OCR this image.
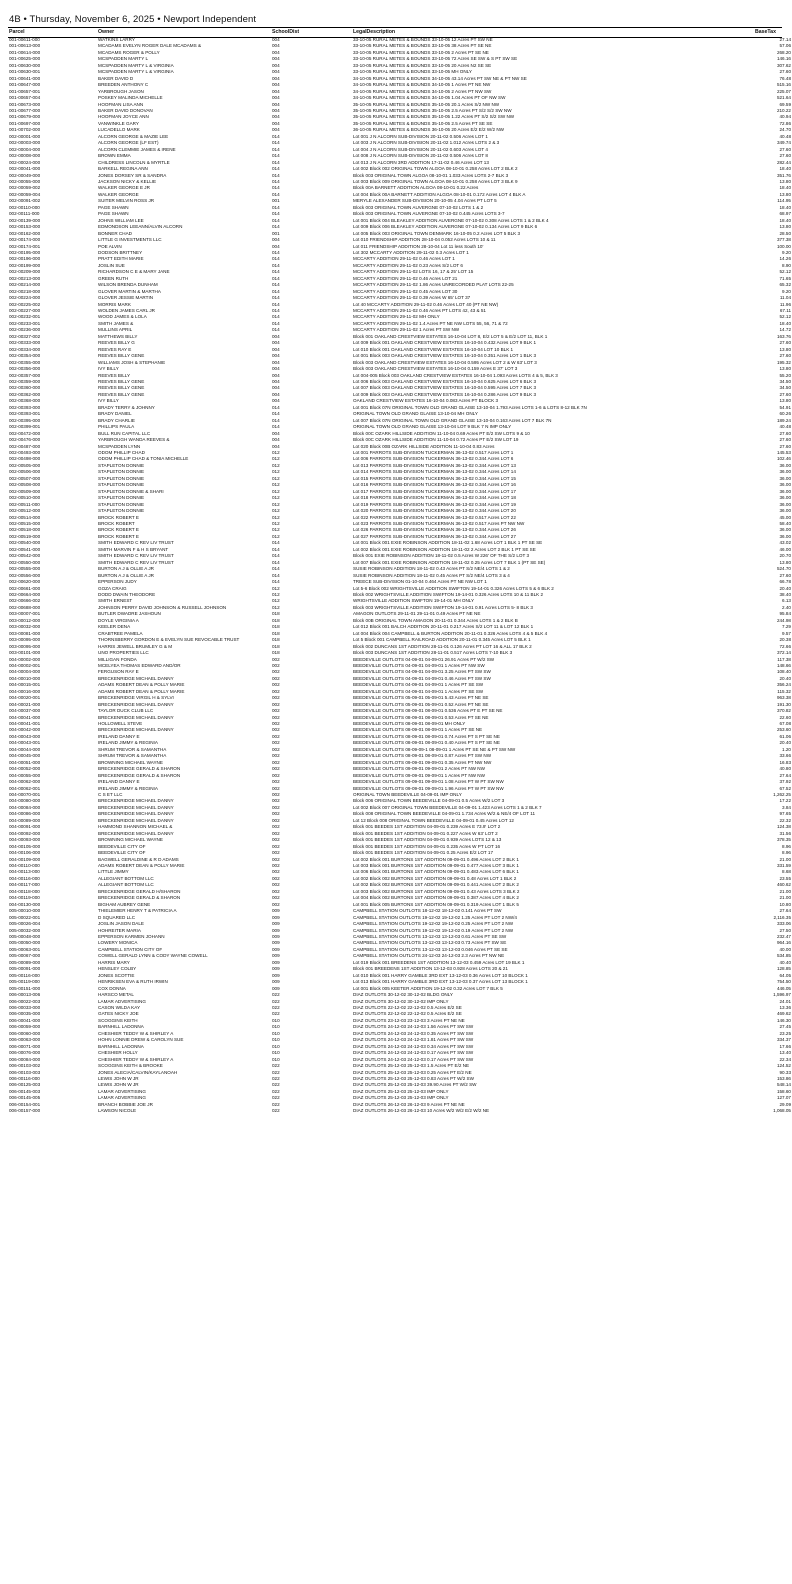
4B • Thursday, November 6, 2025 • Newport Independent
Parcel	Owner	SchoolDist	LegalDescription	BaseTax
001-00611-000	WATKINS LARRY	004	33-10-05 RURAL METES & BOUNDS 33-10-05 12 Acres PT SW NE	27.14
001-00613-000	MCADAMS EVELYN ROGER DALE MCADAMS &	004	33-10-05 RURAL METES & BOUNDS 33-10-05 38 Acres PT SE NE	57.06
001-00614-000	MCADAMS ROGER & POLLY	004	33-10-05 RURAL METES & BOUNDS 33-10-05 2 Acres PT SE NE	268.20
001-00625-000	MCSPADDEN MARTY L	004	33-10-05 RURAL METES & BOUNDS 33-10-05 72 Acres SE SW & S PT SW SE	146.16
001-00630-000	MCSPADDEN MARTY L & VIRGINIA	004	33-10-05 RURAL METES & BOUNDS 33-10-05 20 Acres N2 SE SE	307.62
001-00630-001	MCSPADDEN MARTY L & VIRGINIA	004	33-10-05 RURAL METES & BOUNDS 33-10-05 MH ONLY	27.60
001-00641-000	BAKER DAVID D	004	34-10-05 RURAL METES & BOUNDS 34-10-05 43.14 Acres PT SW NE & PT NW SE	76.48
001-00647-000	BREEDEN ANTHONY C	004	34-10-05 RURAL METES & BOUNDS 34-10-05 1 Acres PT NE NW	515.16
001-00657-001	YARBROUGH JASON	004	34-10-05 RURAL METES & BOUNDS 34-10-05 2 Acres PT NW SW	225.07
001-00657-004	POSKEY MALINDA MICHELLE	004	34-10-05 RURAL METES & BOUNDS 34-10-05 1.04 Acres PT OF NW SW	521.64
001-00673-000	HOOFMAN LISA ANN	004	35-10-05 RURAL METES & BOUNDS 35-10-05 20.1 Acres S/2 NW NW	69.59
001-00677-000	BAKER DAVID DONOVAN	004	35-10-05 RURAL METES & BOUNDS 35-10-05 2.5 Acres PT S/2 S/2 SW NW	210.22
001-00679-000	HOOFMAN JOYCE ANN	004	35-10-05 RURAL METES & BOUNDS 35-10-05 1.22 Acres PT S/2 S/2 SW NW	40.94
001-00697-000	VANWINKLE GARY	004	35-10-05 RURAL METES & BOUNDS 35-10-05 2.5 Acres PT SE SE	72.86
001-00702-000	LUCADELLO MARK	004	36-10-05 RURAL METES & BOUNDS 36-10-05 20 Acres E/2 E/2 W/2 NW	24.70
002-00001-000	ALCORN GEORGE & MAZIE LEE	014	Lot 001 J N ALCORN SUB-DIVISION 20-11-02 0.506 Acres LOT 1	40.48
002-00003-000	ALCORN GEORGE (LF EST)	014	Lot 003 J N ALCORN SUB-DIVISION 20-11-02 1.012 Acres LOTS 2 & 3	349.74
002-00004-000	ALCORN CLEMMIE JAMES & IRENE	014	Lot 004 J N ALCORN SUB-DIVISION 20-11-02 0.603 Acres LOT 4	27.60
002-00008-000	BROWN EMMA	014	Lot 008 J N ALCORN SUB-DIVISION 20-11-02 0.506 Acres LOT 8	27.60
002-00024-000	CHILDRESS LINCOLN & MYRTLE	014	Lot 013 J N ALCORN 3RD ADDITION 17-11-02 0.46 Acres LOT 13	282.44
002-00041-000	BARKELL REGINA ANN	014	Lot 002 Block 002 ORIGINAL TOWN ALGOA 08-10-01 0.258 Acres LOT 2 BLK 2	18.40
002-00049-000	JONES DORSEY SR & SANDRA	014	Block 003 ORIGINAL TOWN ALGOA 08-10-01 1.033 Acres LOTS 2-7 BLK 3	351.76
002-00055-000	JACKSON NICKY & KELLIE	014	Lot 003 Block 009 ORIGINAL TOWN ALGOA 08-10-01 0.258 Acres LOT 3 BLK 9	13.80
002-00059-002	WALKER GEORGE E JR	014	Block 00A BARNETT ADDITION ALGOA 08-10-01 0.22 Acres	18.40
002-00059-004	WALKER GEORGE	014	Lot 004 Block 00A BARNETT ADDITION ALGOA 08-10-01 0.172 Acres LOT 4 BLK A	13.80
002-00091-002	SUITER MELVIN ROSS JR	001	MERYLE ALEXANDER SUB-DIVISION 20-10-05 4.04 Acres PT LOT 5	114.95
002-00110-000	PAGE SHAWN	014	Block 003 ORIGINAL TOWN AUVERGNE 07-10-02 LOTS 1 & 2	18.40
002-00111-000	PAGE SHAWN	014	Block 003 ORIGINAL TOWN AUVERGNE 07-10-02 0.445 Acres LOTS 3-7	68.97
002-00139-000	JOHNS WILLIAM LEE	014	Lot 001 Block 004 BLEAKLEY ADDITION AUVERGNE 07-10-02 0.308 Acres LOTS 1 & 2 BLK 4	18.40
002-00153-000	EDMONDSON LEEANN/ALVIN ALCORN	014	Lot 009 Block 006 BLEAKLEY ADDITION AUVERGNE 07-10-02 0.134 Acres LOT 9 BLK 6	13.80
002-00162-000	BONNER CHAD	001	Lot 005 Block 003 ORIGINAL TOWN DENMARK 16-10-05 0.2 Acres LOT 5 BLK 3	28.50
002-00174-000	LITTLE G INVESTMENTS LLC	004	Lot 010 FRIENDSHIP ADDITION 28-10-04 0.052 Acres LOTS 10 & 11	377.38
002-00174-001	POE ALVIN	004	Lot 011 FRIENDSHIP ADDITION 28-10-04 Lot 11 less South 10'	100.00
002-00195-000	DODSON BRITTNEY	014	Lot 302 MCCARTY ADDITION 29-11-02 0.3 Acres LOT 1	9.20
002-00196-000	PRATT EDITH MARIE	014	MCCARTY ADDITION 29-11-02 0.46 Acres LOT 1	14.26
002-00199-000	JOSLIN SUE	014	MCCARTY ADDITION 29-11-02 0.23 Acres S/2 LOT 6	8.90
002-00209-000	RICHARDSON C E & MARY JANE	014	MCCARTY ADDITION 29-11-02 LOTS 16, 17 & 25' LOT 15	52.12
002-00213-000	GREEN RUTH	014	MCCARTY ADDITION 29-11-02 0.46 Acres LOT 21	71.65
002-00214-000	WILSON BRENDA DUNHAM	014	MCCARTY ADDITION 29-11-02 1.86 Acres UNRECORDED PLAT LOTS 22-25	65.32
002-00218-000	GLOVER MARTIN & MARTHA	014	MCCARTY ADDITION 29-11-02 0.45 Acres LOT 30	9.20
002-00224-000	GLOVER JESSIE MARTIN	014	MCCARTY ADDITION 29-11-02 0.39 Acres W 65' LOT 37	11.04
002-00225-002	MORRIS MARK	014	Lot 40 MCCARTY ADDITION 29-11-02 0.46 Acres LOT 40 (PT NE NW)	11.96
002-00227-000	WOLDEN JAMES CARL JR	014	MCCARTY ADDITION 29-11-02 0.46 Acres PT LOTS 42, 43 & 51	67.11
002-00232-001	WOOD JAMES & LOLA	014	MCCARTY ADDITION 29-11-02 MH ONLY	52.12
002-00233-001	SMITH JAMES &	014	MCCARTY ADDITION 29-11-02 1.4 Acres PT NE NW LOTS 55, 56, 71 & 72	18.40
002-00236-000	MULLINS APRIL	014	MCCARTY ADDITION 29-11-02 1 Acres PT SW NW	14.72
002-00327-002	MATTHEWS BILLY	004	Block 001 OAKLAND CRESTVIEW ESTATES 16-10-04 LOT 8, E/2 LOT 5 & E/2 LOT 11, BLK 1	163.76
002-00333-000	REEVES BILLY G	004	Lot 009 Block 001 OAKLAND CRESTVIEW ESTATES 16-10-04 0.432 Acres LOT 9 BLK 1	27.60
002-00334-000	REEVES RAY E	004	Lot 010 Block 001 OAKLAND CRESTVIEW ESTATES 16-10-04 LOT 10 BLK 1	13.80
002-00354-000	REEVES BILLY GENE	004	Lot 001 Block 003 OAKLAND CRESTVIEW ESTATES 16-10-04 0.351 Acres LOT 1 BLK 3	27.60
002-00355-000	WILLIAMS JOSH & STEPHANIE	004	Block 003 OAKLAND CRESTVIEW ESTATES 16-10-04 0.595 Acres LOT 2 & W 63' LOT 3	195.32
002-00356-000	IVY BILLY	004	Block 003 OAKLAND CRESTVIEW ESTATES 16-10-04 0.159 Acres E 37' LOT 3	13.80
002-00357-000	REEVES BILLY	004	Lot 004-005 Block 003 OAKLAND CRESTVIEW ESTATES 16-10-04 1.093 Acres LOTS 4 & 5, BLK 3	55.20
002-00359-000	REEVES BILLY GENE	004	Lot 006 Block 003 OAKLAND CRESTVIEW ESTATES 16-10-04 0.625 Acres LOT 6 BLK 3	34.50
002-00360-000	REEVES BILLY GENE	004	Lot 007 Block 003 OAKLAND CRESTVIEW ESTATES 16-10-04 0.595 Acres LOT 7 BLK 3	34.50
002-00362-000	REEVES BILLY GENE	004	Lot 009 Block 003 OAKLAND CRESTVIEW ESTATES 16-10-04 0.286 Acres LOT 9 BLK 3	27.60
002-00368-000	IVY BILLY	004	OAKLAND CRESTVIEW ESTATES 16-10-04 0.083 Acres PT BLOCK 3	13.80
002-00393-000	BRADY TERRY & JOHNNY	014	Lot 001 Block 07N ORIGINAL TOWN OLD GRAND GLAISE 13-10-04 1.793 Acres LOTS 1-6 & LOTS 8-12 BLK 7N	54.91
002-00393-001	BRADY DANIEL	014	ORIGINAL TOWN OLD GRAND GLAISE 13-10-04 MH ONLY	60.26
002-00395-000	BRADY CHARLIE	014	Lot 007 Block 07N ORIGINAL TOWN OLD GRAND GLAISE 13-10-04 0.163 Acres LOT 7 BLK 7N	189.24
002-00399-001	PHILLIPS PAULA	014	ORIGINAL TOWN OLD GRAND GLAISE 13-10-04 LOT 9 BLK 7 N IMP ONLY	40.48
002-00472-000	BULL RUN CAPITAL LLC	004	Block 00C OZARK HILLSIDE ADDITION 11-10-04 0.69 Acres PT E/2 SW LOTS 9 & 10	27.60
002-00476-000	YARBROUGH WANDA REEVES &	004	Block 00C OZARK HILLSIDE ADDITION 11-10-04 0.72 Acres PT E/2 SW LOT 19	27.60
002-00487-000	MCSPADDEN LYNN	004	Lot 020 Block 00B OZARK HILLSIDE ADDITION 11-10-04 0.83 Acres	27.60
002-00493-000	ODOM PHILLIP CHAD	012	Lot 001 PARROTS SUB-DIVISION TUCKERMAN 36-13-02 0.517 Acres LOT 1	145.53
002-00498-000	ODOM PHILLIP CHAD & TONIA MICHELLE	012	Lot 006 PARROTS SUB-DIVISION TUCKERMAN 36-13-02 0.344 Acres LOT 6	102.46
002-00505-000	STAPLETON DONNIE	012	Lot 013 PARROTS SUB-DIVISION TUCKERMAN 36-13-02 0.344 Acres LOT 13	36.00
002-00506-000	STAPLETON DONNIE	012	Lot 014 PARROTS SUB-DIVISION TUCKERMAN 36-13-02 0.344 Acres LOT 14	36.00
002-00507-000	STAPLETON DONNIE	012	Lot 015 PARROTS SUB-DIVISION TUCKERMAN 36-13-02 0.344 Acres LOT 15	36.00
002-00508-000	STAPLETON DONNIE	012	Lot 016 PARROTS SUB-DIVISION TUCKERMAN 36-13-02 0.344 Acres LOT 16	36.00
002-00509-000	STAPLETON DONNIE & SHARI	012	Lot 017 PARROTS SUB-DIVISION TUCKERMAN 36-13-02 0.344 Acres LOT 17	36.00
002-00510-000	STAPLETON DONNIE	012	Lot 018 PARROTS SUB-DIVISION TUCKERMAN 36-13-02 0.344 Acres LOT 18	36.00
002-00511-000	STAPLETON DONNIE	012	Lot 019 PARROTS SUB-DIVISION TUCKERMAN 36-13-02 0.344 Acres LOT 19	36.00
002-00512-000	STAPLETON DONNIE	012	Lot 020 PARROTS SUB-DIVISION TUCKERMAN 36-13-02 0.344 Acres LOT 20	36.00
002-00514-000	BROCK ROBERT E	012	Lot 022 PARROTS SUB-DIVISION TUCKERMAN 36-13-02 0.517 Acres LOT 22	45.00
002-00515-000	BROCK ROBERT	012	Lot 023 PARROTS SUB-DIVISION TUCKERMAN 36-13-02 0.517 Acres PT NW NW	58.40
002-00518-000	BROCK ROBERT E	012	Lot 026 PARROTS SUB-DIVISION TUCKERMAN 36-13-02 0.344 Acres LOT 26	36.00
002-00519-000	BROCK ROBERT E	012	Lot 027 PARROTS SUB-DIVISION TUCKERMAN 36-13-02 0.344 Acres LOT 27	36.00
002-00540-000	SMITH EDWARD C REV LIV TRUST	014	Lot 001 Block 001 EXIE ROBINSON ADDITION 18-11-02 1.68 Acres LOT 1 BLK 1 PT SE SE	43.02
002-00541-000	SMITH MARVIN F & H S BRYANT	014	Lot 002 Block 001 EXIE ROBINSON ADDITION 18-11-02 2 Acres LOT 2 BLK 1 PT SE SE	46.00
002-00542-000	SMITH EDWARD C REV LIV TRUST	014	Block 001 EXIE ROBINSON ADDITION 18-11-02 0.5 Acres W 226' OF THE S/2 LOT 3	20.70
002-00550-000	SMITH EDWARD C REV LIV TRUST	014	Lot 007 Block 001 EXIE ROBINSON ADDITION 18-11-02 0.25 Acres LOT 7 BLK 1 (PT SE SE)	13.80
002-00555-000	BURTON A J & OLLIE A JR	014	SUSIE ROBINSON ADDITION 18-11-02 0.43 Acres PT S/2 NE/4 LOTS 1 & 2	524.70
002-00556-000	BURTON A J & OLLIE A JR	014	SUSIE ROBINSON ADDITION 18-11-02 0.45 Acres PT S/2 NE/4 LOTS 3 & 4	27.60
002-00620-000	EPPERSON JUDY	014	TREECE SUB-DIVISION 01-10-04 0.464 Acres PT NE NW LOT 1	66.78
002-00661-000	GOZA CRAIG	012	Lot 5-6 Block 002 WRIGHTSVILLE ADDITION SWIFTON 19-14-01 0.326 Acres LOTS 5 & 6 BLK 2	20.40
002-00664-000	DODD DWAIN THEODORE	012	Block 002 WRIGHTSVILLE ADDITION SWIFTON 19-14-01 0.326 Acres LOTS 10 & 11 BLK 2	38.40
002-00666-002	SMITH ERNEST	012	WRIGHTSVILLE ADDITION SWIFTON 19-14-01 MH ONLY	6.13
002-00688-000	JOHNSON PERRY DAVID JOHNSON & RUSSELL JOHNSON	012	Block 003 WRIGHTSVILLE ADDITION SWIFTON 19-14-01 0.91 Acres LOTS 5- 8 BLK 3	2.40
003-00007-001	BUTLER DWADRE JASHOUN	018	AMAGON OUTLOTS 29-11-01 29-11-01 0.49 Acres PT NE NE	95.84
003-00012-000	DOYLE VIRGINIA A	018	Block 00B ORIGINAL TOWN AMAGON 20-11-01 0.344 Acres LOTS 1 & 2 BLK B	244.98
003-00032-000	KEELER DENA	018	Lot 012 Block 001 BALCH ADDITION 20-11-01 0.217 Acres S/2 LOT 11 & LOT 12 BLK 1	7.29
003-00081-000	CRABTREE PAMELA	018	Lot 004 Block 004 CAMPBELL & BURTON ADDITION 20-11-01 0.326 Acres LOTS 4 & 5 BLK 4	9.57
003-00095-000	THORNSBERRY GORDON E & EVELYN SUE REVOCABLE TRUST	018	Lot 5 Block 001 CAMPBELL RAILROAD ADDITION 20-11-01 0.345 Acres LOT 5 BLK 1	20.38
003-00095-000	HARRIS JEWELL BRUMLEY G & M	018	Block 002 DUNCANS 1ST ADDITION 28-11-01 0.126 Acres PT LOT 16 & ALL 17 BLK 2	72.66
003-00101-000	UNO PROPERTIES LLC	018	Block 003 DUNCANS 1ST ADDITION 28-11-01 0.517 Acres LOTS 7-10 BLK 3	372.14
004-00002-000	MILLIGAN FONDA	002	BEEDEVILLE OUTLOTS 04-09-01 04-09-01 26.91 Acres PT W/2 SW	117.38
004-00002-001	MCELYEA THOMAS EDWARD AND/OR	002	BEEDEVILLE OUTLOTS 04-09-01 04-09-01 1 Acres PT NW SW	148.66
004-00004-000	FERGUSON RAY E	002	BEEDEVILLE OUTLOTS 04-09-01 04-09-01 3.25 Acres PT SW SW	108.40
004-00010-000	BRECKENRIDGE MICHAEL DANNY	002	BEEDEVILLE OUTLOTS 04-09-01 04-09-01 0.46 Acres PT SW SW	20.40
004-00015-001	ADAMS ROBERT DEAN & POLLY MARIE	002	BEEDEVILLE OUTLOTS 04-09-01 04-09-01 1 Acres PT SE SW	356.24
004-00016-000	ADAMS ROBERT DEAN & POLLY MARIE	002	BEEDEVILLE OUTLOTS 04-09-01 04-09-01 1 Acres PT SE SW	115.32
004-00020-001	BRECKENRIDGE VIRGIL H & SYLVI	002	BEEDEVILLE OUTLOTS 05-09-01 05-09-01 5.43 Acres PT NE SE	963.38
004-00021-000	BRECKENRIDGE MICHAEL DANNY	002	BEEDEVILLE OUTLOTS 05-09-01 05-09-01 0.52 Acres PT NE SE	191.30
004-00037-000	TAYLOR DUCK CLUB LLC	002	BEEDEVILLE OUTLOTS 08-09-01 08-09-01 0.536 Acres PT E PT SE NE	370.82
004-00041-000	BRECKENRIDGE MICHAEL DANNY	002	BEEDEVILLE OUTLOTS 08-09-01 08-09-01 0.53 Acres PT SE NE	22.60
004-00041-001	HOLLOWELL STEVE	002	BEEDEVILLE OUTLOTS 08-09-01 08-09-01 MH ONLY	67.08
004-00042-000	BRECKENRIDGE MICHAEL DANNY	002	BEEDEVILLE OUTLOTS 08-09-01 08-09-01 1 Acres PT SE NE	253.60
004-00043-000	IRELAND DANNY E	002	BEEDEVILLE OUTLOTS 08-09-01 08-09-01 0.74 Acres PT S PT SE NE	61.06
004-00043-001	IRELAND JIMMY & REGINIA	002	BEEDEVILLE OUTLOTS 08-09-01 08-09-01 0.40 Acres PT S PT SE NE	20.40
004-00044-000	SHRUM TREVOR & SAMANTHA	002	BEEDEVILLE OUTLOTS 08-09-09-1 08-09-01 1 Acres PT SE NE & PT SW NW	1.20
004-00045-000	SHRUM TREVOR & SAMANTHA	002	BEEDEVILLE OUTLOTS 08-09-01 08-09-01 0.87 Acres PT SW NW	33.66
004-00051-000	BROWNING MICHAEL WAYNE	002	BEEDEVILLE OUTLOTS 09-09-01 09-09-01 0.35 Acres PT NW NW	16.83
004-00052-000	BRECKENRIDGE GERALD & SHARON	002	BEEDEVILLE OUTLOTS 09-09-01 09-09-01 2 Acres PT NW NW	40.80
004-00055-000	BRECKENRIDGE GERALD & SHARON	002	BEEDEVILLE OUTLOTS 09-09-01 09-09-01 1 Acres PT NW NW	27.64
004-00062-000	IRELAND DANNY E	002	BEEDEVILLE OUTLOTS 09-09-01 09-09-01 1.08 Acres PT W PT SW NW	37.92
004-00062-001	IRELAND JIMMY & REGINIA	002	BEEDEVILLE OUTLOTS 09-09-01 09-09-01 1.96 Acres PT W PT SW NW	67.52
004-00070-001	C S ET LLC	002	ORIGINAL TOWN BEEDEVILLE 04-09-01 IMP ONLY	1,262.25
004-00080-000	BRECKENRIDGE MICHAEL DANNY	002	Block 006 ORIGINAL TOWN BEEDEVILLE 04-09-01 0.5 Acres W/2 LOT 3	17.22
004-00084-000	BRECKENRIDGE MICHAEL DANNY	002	Lot 002 Block 007 ORIGINAL TOWN BEEDEVILLE 04-09-01 1.423 Acres LOTS 1 & 2 BLK 7	3.84
004-00086-000	BRECKENRIDGE MICHAEL DANNY	002	Block 008 ORIGINAL TOWN BEEDEVILLE 04-09-01 1.734 Acres W/2 & NE/4 OF LOT 11	97.65
004-00089-000	BRECKENRIDGE MICHAEL DANNY	002	Lot 12 Block 008 ORIGINAL TOWN BEEDEVILLE 04-09-01 0.45 Acres LOT 12	22.32
004-00091-000	HAMMOND SHANNON MICHAEL &	002	Block 001 BEEDES 1ST ADDITION 04-09-01 0.239 Acres E 73.9' LOT 2	124.38
004-00092-000	BRECKENRIDGE MICHAEL DANNY	002	Block 001 BEEDES 1ST ADDITION 04-09-01 0.227 Acres W 63' LOT 2	31.56
004-00093-000	BROWNING MICHAEL WAYNE	002	Block 001 BEEDES 1ST ADDITION 04-09-01 0.939 Acres LOTS 12 & 13	378.35
004-00105-000	BEEDEVILLE CITY OF	002	Block 001 BEEDES 1ST ADDITION 04-09-01 0.235 Acres W PT LOT 16	8.96
004-00106-000	BEEDEVILLE CITY OF	002	Block 001 BEEDES 1ST ADDITION 04-09-01 0.25 Acres E/2 LOT 17	8.96
004-00109-000	BAGWELL GERALDINE & R D ADAMS	002	Lot 002 Block 001 BURTONS 1ST ADDITION 09-09-01 0.496 Acres LOT 2 BLK 1	21.00
004-00110-000	ADAMS ROBERT DEAN & POLLY MARIE	002	Lot 003 Block 001 BURTONS 1ST ADDITION 09-09-01 0.477 Acres LOT 3 BLK 1	331.59
004-00113-000	LITTLE JIMMY	002	Lot 006 Block 001 BURTONS 1ST ADDITION 09-09-01 0.483 Acres LOT 6 BLK 1	8.68
004-00116-000	ALLEGIANT BOTTOM LLC	002	Lot 002 Block 002 BURTONS 1ST ADDITION 09-09-01 0.48 Acres LOT 1 BLK 2	23.55
004-00117-000	ALLEGIANT BOTTOM LLC	002	Lot 002 Block 002 BURTONS 1ST ADDITION 09-09-01 0.441 Acres LOT 2 BLK 2	460.62
004-00118-000	BRECKENRIDGE GERALD H/SHARON	002	Lot 003 Block 002 BURTONS 1ST ADDITION 09-09-01 0.43 Acres LOTS 3 BLK 2	21.00
004-00119-000	BRECKENRIDGE GERALD & SHARON	002	Lot 004 Block 002 BURTONS 1ST ADDITION 09-09-01 0.387 Acres LOT 4 BLK 2	21.00
004-00130-000	BIGHAM AUBREY GENE	002	Lot 001 Block 005 BURTONS 1ST ADDITION 09-09-01 0.319 Acres LOT 1 BLK 5	10.80
005-00010-000	THIELEMIER HENRY T & PATRICIA A	009	CAMPBELL STATION OUTLOTS 18-12-02 18-12-02 0.141 Acres PT SW	27.64
005-00022-001	D SQUARED LLC	009	CAMPBELL STATION OUTLOTS 19-12-02 19-12-02 1.25 Acres PT LOT 2 NW/4	2,116.35
005-00026-004	JOSLIN JASON DALE	009	CAMPBELL STATION OUTLOTS 19-12-02 19-12-02 0.25 Acres PT LOT 2 NW	333.06
005-00032-000	HOHREITER MARIA	009	CAMPBELL STATION OUTLOTS 19-12-02 19-12-02 0.19 Acres PT LOT 2 NW	27.50
005-00048-000	EPPERSON KARMEN JOHANN	009	CAMPBELL STATION OUTLOTS 13-12-03 13-12-03 0.61 Acres PT SE SW	232.47
005-00050-000	LOWERY MONICA	009	CAMPBELL STATION OUTLOTS 13-12-03 13-12-03 0.73 Acres PT SW SE	964.16
005-00063-001	CAMPBELL STATION CITY OF	009	CAMPBELL STATION OUTLOTS 13-12-03 13-12-03 0.046 Acres PT SE SE	40.00
005-00067-000	COWELL GERALD LYNN & CODY WAYNE COWELL	009	CAMPBELL STATION OUTLOTS 24-12-03 24-12-03 2.3 Acres PT NW NE	534.85
005-00089-000	HARRIS MARY	009	Lot 019 Block 001 BREEDENS 1ST ADDITION 13-12-03 0.459 Acres LOT 19 BLK 1	40.40
005-00091-000	HENSLEY COLBY	009	Block 001 BREEDENS 1ST ADDITION 13-12-03 0.928 Acres LOTS 20 & 21	128.85
005-00116-000	JONES SCOTTIE	009	Lot 010 Block 001 HARRY GAMBLE 3RD EXT 13-12-03 0.36 Acres LOT 10 BLOCK 1	64.05
005-00119-000	HENRIKSEN EVA & RUTH IRWIN	009	Lot 013 Block 001 HARRY GAMBLE 3RD EXT 13-12-03 0.37 Acres LOT 13 BLOCK 1	754.50
005-00151-000	COX DONNA	009	Lot 001 Block 005 KEETER ADDITION 19-12-02 0.32 Acres LOT 7 BLK 5	446.05
006-00013-006	HARSCO METAL	022	DIAZ OUTLOTS 30-12-02 30-12-02 BLDG ONLY	1,596.97
006-00022-003	LAMAR ADVERTISING	022	DIAZ OUTLOTS 30-12-02 30-12-02 IMP ONLY	24.01
006-00033-000	CASON WILDA KAY	022	DIAZ OUTLOTS 22-12-02 22-12-02 0.5 Acres E/2 SE	13.36
006-00035-000	GATES NICKY JOE	022	DIAZ OUTLOTS 22-12-02 22-12-02 0.5 Acres E/2 SE	469.62
006-00041-000	SCOGGINS KEITH	010	DIAZ OUTLOTS 23-12-03 23-12-03 3 Acres PT NE NE	146.30
006-00059-000	BARNHILL LADONNA	010	DIAZ OUTLOTS 24-12-03 24-12-03 1.56 Acres PT SW SW	27.45
006-00060-000	CHESHIER TEDDY W & SHIRLEY A	010	DIAZ OUTLOTS 24-12-03 24-12-03 0.35 Acres PT SW SW	23.25
006-00063-000	HOHN LONNIE DREW & CAROLYN SUE	010	DIAZ OUTLOTS 24-12-03 24-12-03 1.81 Acres PT SW SW	334.37
006-00071-000	BARNHILL LADONNA	010	DIAZ OUTLOTS 24-12-03 24-12-03 0.34 Acres PT SW SW	17.66
006-00076-000	CHESHIER HOLLY	010	DIAZ OUTLOTS 24-12-03 24-12-03 0.17 Acres PT SW SW	13.40
006-00084-000	CHESHIER TEDDY W & SHIRLEY A	010	DIAZ OUTLOTS 24-12-03 24-12-03 0.17 Acres PT SW SW	22.34
006-00103-002	SCOGGINS KEITH & BROOKE	022	DIAZ OUTLOTS 25-12-03 25-12-03 1.5 Acres PT E/2 NE	124.52
006-00103-003	JONES ALECIA/CALVIN/KAYLANOAH	022	DIAZ OUTLOTS 25-12-03 25-12-03 0.25 Acres PT E/2 NE	90.33
006-00116-000	LEWIS JOHN W JR	022	DIAZ OUTLOTS 25-12-03 25-12-03 0.83 Acres PT W/2 SW	153.86
006-00125-003	LEWIS JOHN W JR	022	DIAZ OUTLOTS 25-12-03 25-12-03 39.90 Acres PT W/2 SW	548.14
006-00145-003	LAMAR ADVERTISING	022	DIAZ OUTLOTS 25-12-03 25-12-03 IMP ONLY	158.60
006-00145-005	LAMAR ADVERTISING	022	DIAZ OUTLOTS 25-12-03 25-12-03 IMP ONLY	127.07
006-00154-001	BRANCH BOBBIE JOE JR	022	DIAZ OUTLOTS 26-12-03 26-12-03 9 Acres PT NE NE	29.09
006-00157-000	LAWSON NICOLE	022	DIAZ OUTLOTS 26-12-03 26-12-03 10 Acres W/2 W/2 E/2 W/2 NE	1,068.05
